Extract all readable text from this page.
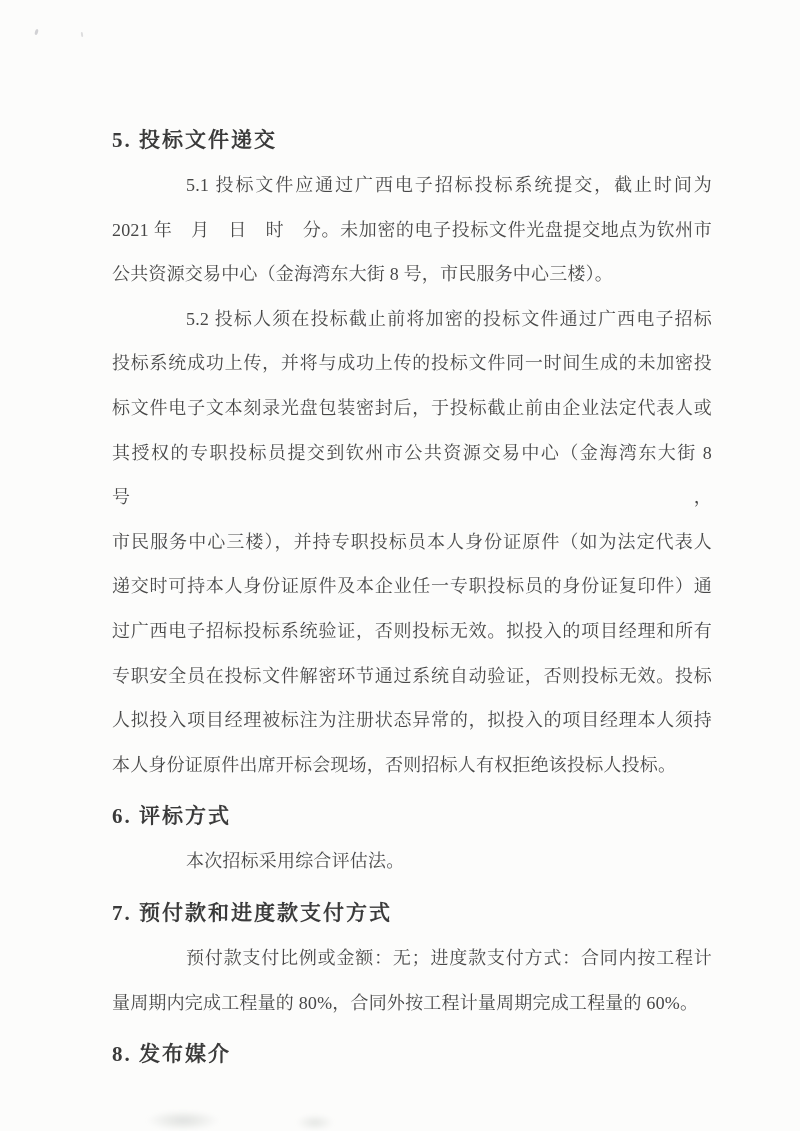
5. 投标文件递交
5.1 投标文件应通过广西电子招标投标系统提交，截止时间为
2021 年　月　日　时　分。未加密的电子投标文件光盘提交地点为钦州市
公共资源交易中心（金海湾东大街 8 号，市民服务中心三楼）。
5.2 投标人须在投标截止前将加密的投标文件通过广西电子招标
投标系统成功上传，并将与成功上传的投标文件同一时间生成的未加密投
标文件电子文本刻录光盘包装密封后，于投标截止前由企业法定代表人或
其授权的专职投标员提交到钦州市公共资源交易中心（金海湾东大街 8 号，
市民服务中心三楼），并持专职投标员本人身份证原件（如为法定代表人
递交时可持本人身份证原件及本企业任一专职投标员的身份证复印件）通
过广西电子招标投标系统验证，否则投标无效。拟投入的项目经理和所有
专职安全员在投标文件解密环节通过系统自动验证，否则投标无效。投标
人拟投入项目经理被标注为注册状态异常的，拟投入的项目经理本人须持
本人身份证原件出席开标会现场，否则招标人有权拒绝该投标人投标。
6. 评标方式
本次招标采用综合评估法。
7. 预付款和进度款支付方式
预付款支付比例或金额：无；进度款支付方式：合同内按工程计
量周期内完成工程量的 80%，合同外按工程计量周期完成工程量的 60%。
8. 发布媒介
